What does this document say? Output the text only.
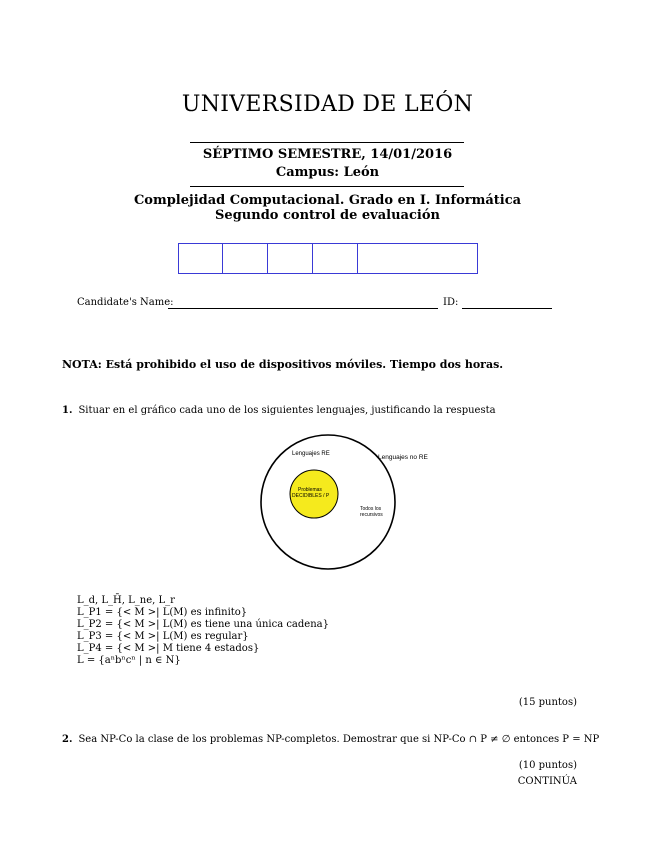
UNIVERSIDAD DE LEÓN
SÉPTIMO SEMESTRE, 14/01/2016
Campus: León
Complejidad Computacional. Grado en I. Informática
Segundo control de evaluación
Candidate's Name:	ID:
NOTA: Está prohibido el uso de dispositivos móviles. Tiempo dos horas.
1. Situar en el gráfico cada uno de los siguientes lenguajes, justificando la respuesta
Lenguajes no RE
Lenguajes RE
Problemas
DECIDIBLES / P
Todos los
recursivos
L_d, L_H̄, L_ne, L_r
L_P1 = {< M >| L(M) es infinito}
L_P2 = {< M >| L(M) es tiene una única cadena}
L_P3 = {< M >| L(M) es regular}
L_P4 = {< M >| M tiene 4 estados}
L = {aⁿbⁿcⁿ | n ∈ N}
(15 puntos)
2. Sea NP-Co la clase de los problemas NP-completos. Demostrar que si NP-Co ∩ P ≠ ∅ entonces P = NP
(10 puntos)
CONTINÚA
